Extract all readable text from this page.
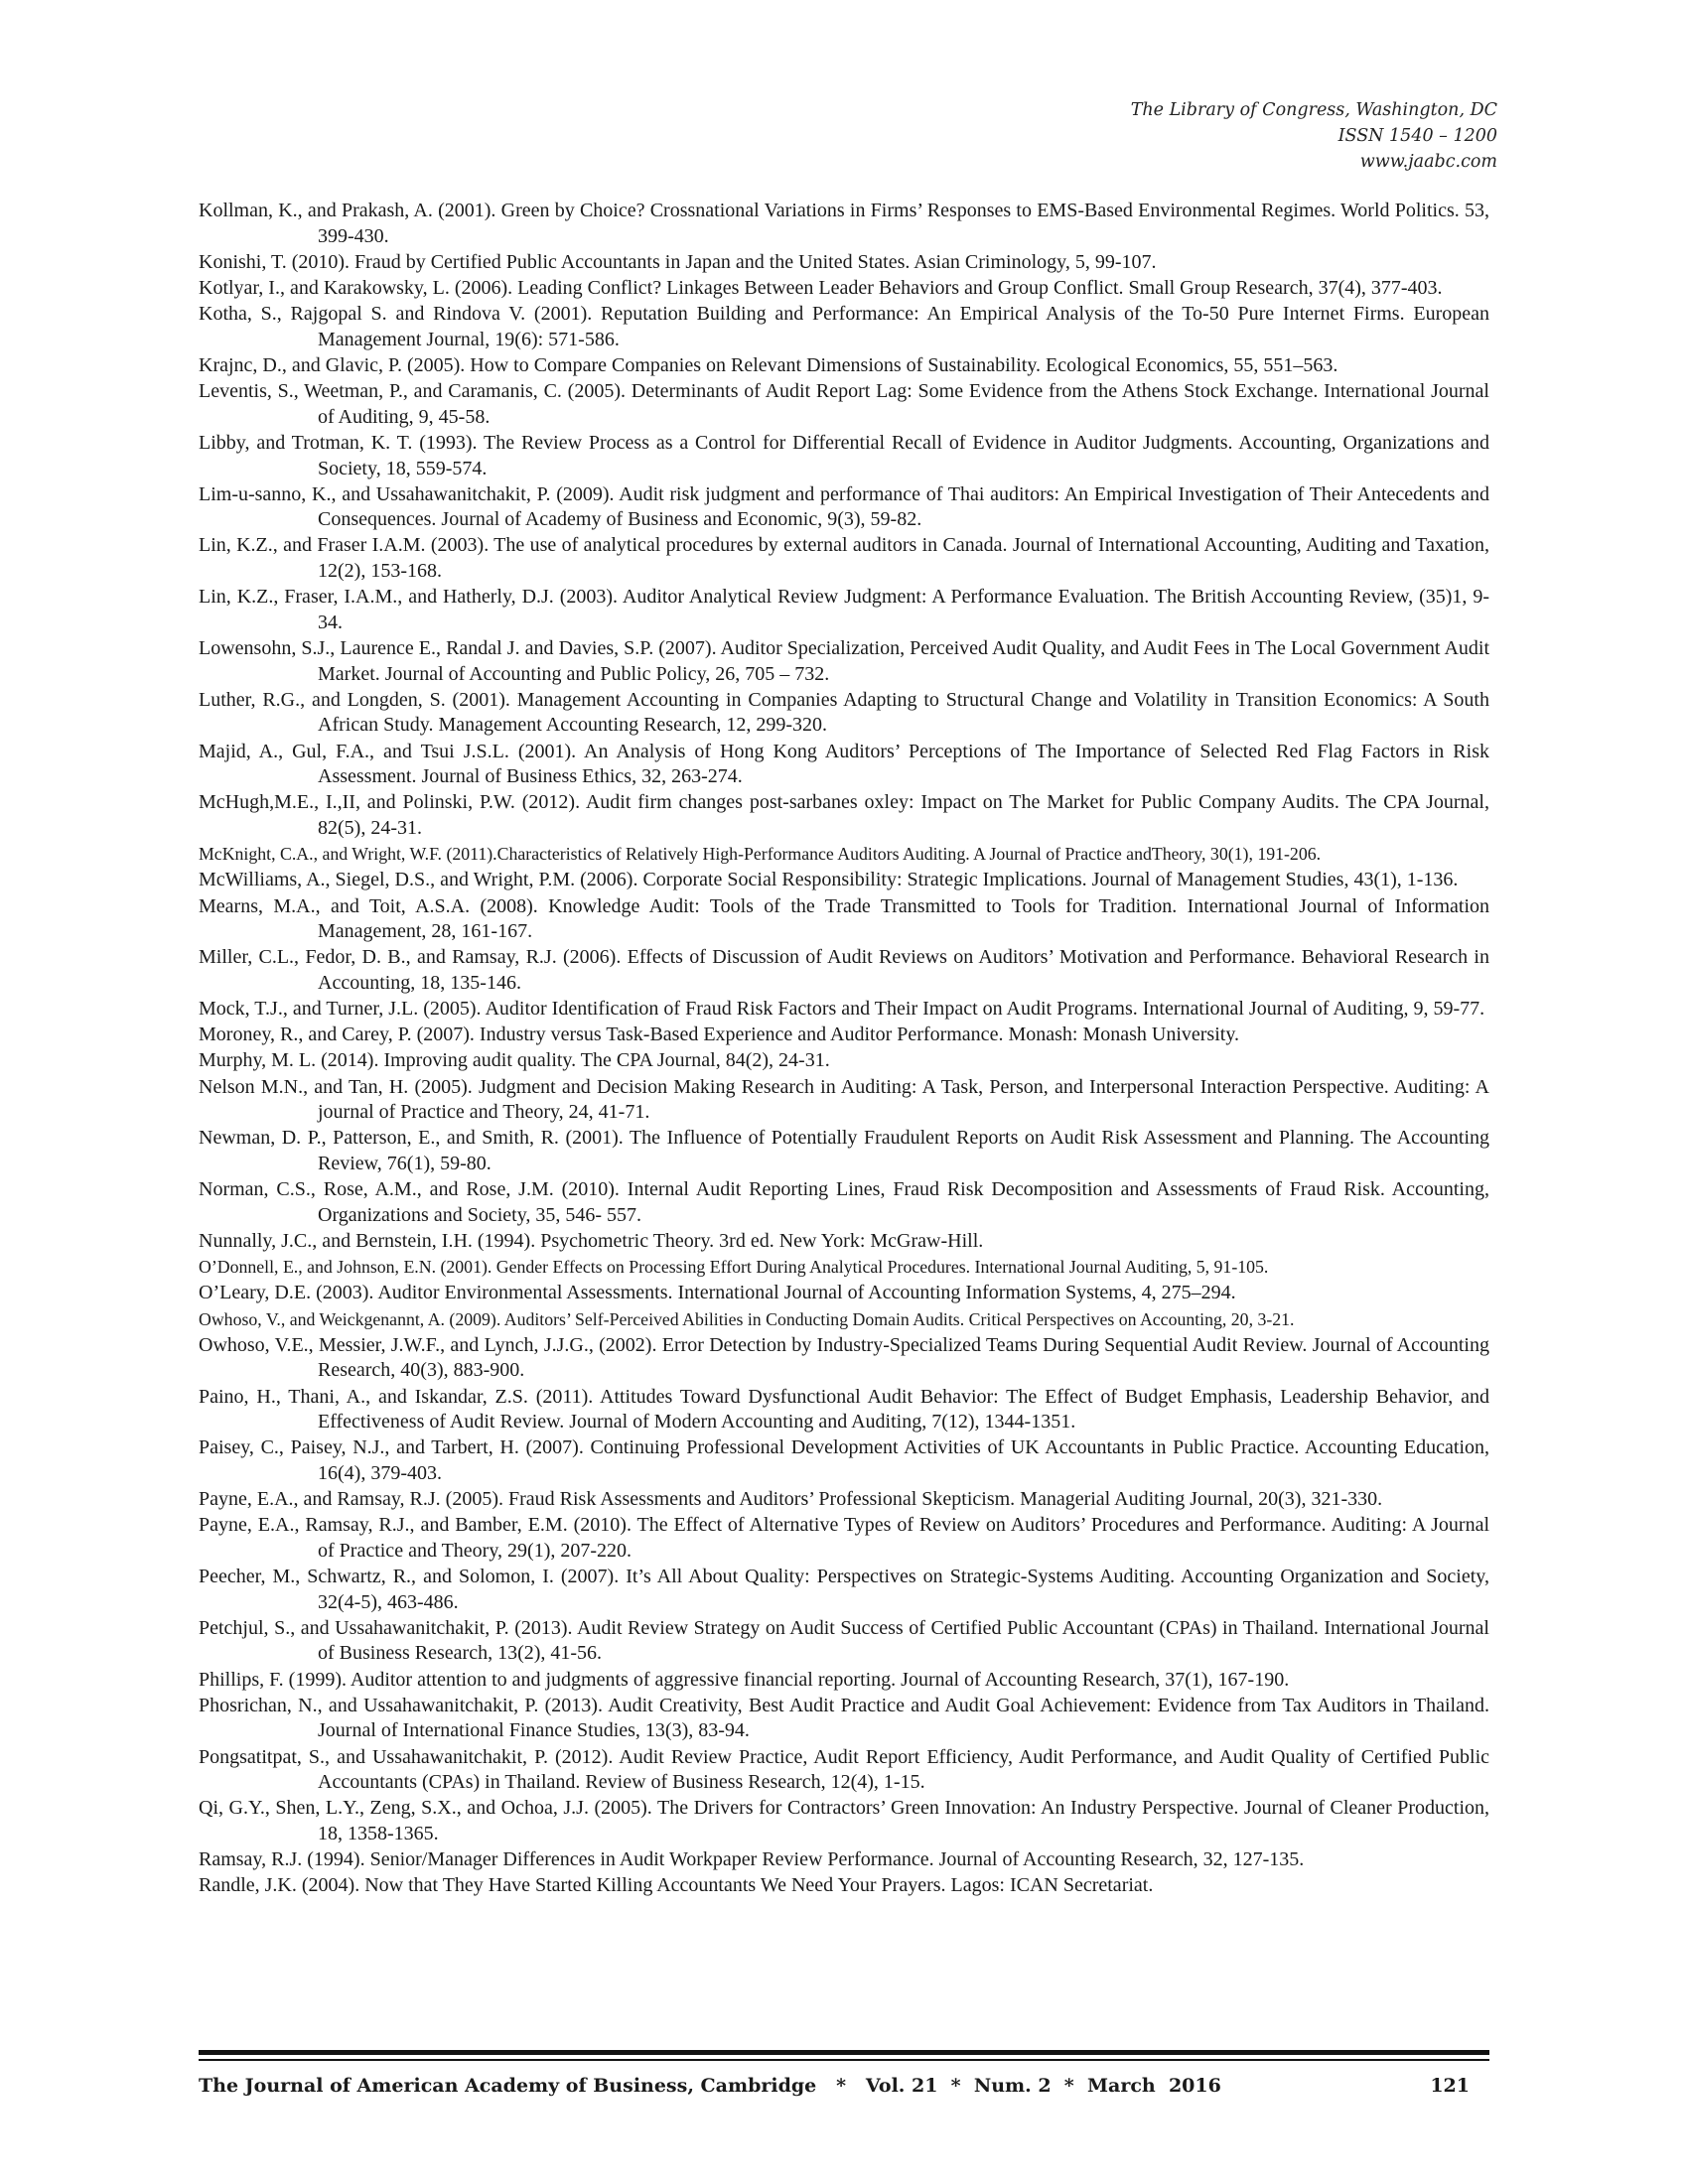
The Library of Congress, Washington, DC
ISSN 1540 – 1200
www.jaabc.com
Kollman, K., and Prakash, A. (2001). Green by Choice? Crossnational Variations in Firms’ Responses to EMS-Based Environmental Regimes. World Politics. 53, 399-430.
Konishi, T. (2010). Fraud by Certified Public Accountants in Japan and the United States. Asian Criminology, 5, 99-107.
Kotlyar, I., and Karakowsky, L. (2006). Leading Conflict? Linkages Between Leader Behaviors and Group Conflict. Small Group Research, 37(4), 377-403.
Kotha, S., Rajgopal S. and Rindova V. (2001). Reputation Building and Performance: An Empirical Analysis of the To-50 Pure Internet Firms. European Management Journal, 19(6): 571-586.
Krajnc, D., and Glavic, P. (2005). How to Compare Companies on Relevant Dimensions of Sustainability. Ecological Economics, 55, 551–563.
Leventis, S., Weetman, P., and Caramanis, C. (2005). Determinants of Audit Report Lag: Some Evidence from the Athens Stock Exchange. International Journal of Auditing, 9, 45-58.
Libby, and Trotman, K. T. (1993). The Review Process as a Control for Differential Recall of Evidence in Auditor Judgments. Accounting, Organizations and Society, 18, 559-574.
Lim-u-sanno, K., and Ussahawanitchakit, P. (2009). Audit risk judgment and performance of Thai auditors: An Empirical Investigation of Their Antecedents and Consequences. Journal of Academy of Business and Economic, 9(3), 59-82.
Lin, K.Z., and Fraser I.A.M. (2003). The use of analytical procedures by external auditors in Canada. Journal of International Accounting, Auditing and Taxation, 12(2), 153-168.
Lin, K.Z., Fraser, I.A.M., and Hatherly, D.J. (2003). Auditor Analytical Review Judgment: A Performance Evaluation. The British Accounting Review, (35)1, 9-34.
Lowensohn, S.J., Laurence E., Randal J. and Davies, S.P. (2007). Auditor Specialization, Perceived Audit Quality, and Audit Fees in The Local Government Audit Market. Journal of Accounting and Public Policy, 26, 705 – 732.
Luther, R.G., and Longden, S. (2001). Management Accounting in Companies Adapting to Structural Change and Volatility in Transition Economics: A South African Study. Management Accounting Research, 12, 299-320.
Majid, A., Gul, F.A., and Tsui J.S.L. (2001). An Analysis of Hong Kong Auditors’ Perceptions of The Importance of Selected Red Flag Factors in Risk Assessment. Journal of Business Ethics, 32, 263-274.
McHugh,M.E., I.,II, and Polinski, P.W. (2012). Audit firm changes post-sarbanes oxley: Impact on The Market for Public Company Audits. The CPA Journal, 82(5), 24-31.
McKnight, C.A., and Wright, W.F. (2011).Characteristics of Relatively High-Performance Auditors Auditing. A Journal of Practice andTheory, 30(1), 191-206.
McWilliams, A., Siegel, D.S., and Wright, P.M. (2006). Corporate Social Responsibility: Strategic Implications. Journal of Management Studies, 43(1), 1-136.
Mearns, M.A., and Toit, A.S.A. (2008). Knowledge Audit: Tools of the Trade Transmitted to Tools for Tradition. International Journal of Information Management, 28, 161-167.
Miller, C.L., Fedor, D. B., and Ramsay, R.J. (2006). Effects of Discussion of Audit Reviews on Auditors’ Motivation and Performance. Behavioral Research in Accounting, 18, 135-146.
Mock, T.J., and Turner, J.L. (2005). Auditor Identification of Fraud Risk Factors and Their Impact on Audit Programs. International Journal of Auditing, 9, 59-77.
Moroney, R., and Carey, P. (2007). Industry versus Task-Based Experience and Auditor Performance. Monash: Monash University.
Murphy, M. L. (2014). Improving audit quality. The CPA Journal, 84(2), 24-31.
Nelson M.N., and Tan, H. (2005). Judgment and Decision Making Research in Auditing: A Task, Person, and Interpersonal Interaction Perspective. Auditing: A journal of Practice and Theory, 24, 41-71.
Newman, D. P., Patterson, E., and Smith, R. (2001). The Influence of Potentially Fraudulent Reports on Audit Risk Assessment and Planning. The Accounting Review, 76(1), 59-80.
Norman, C.S., Rose, A.M., and Rose, J.M. (2010). Internal Audit Reporting Lines, Fraud Risk Decomposition and Assessments of Fraud Risk. Accounting, Organizations and Society, 35, 546- 557.
Nunnally, J.C., and Bernstein, I.H. (1994). Psychometric Theory. 3rd ed. New York: McGraw-Hill.
O’Donnell, E., and Johnson, E.N. (2001). Gender Effects on Processing Effort During Analytical Procedures. International Journal Auditing, 5, 91-105.
O’Leary, D.E. (2003). Auditor Environmental Assessments. International Journal of Accounting Information Systems, 4, 275–294.
Owhoso, V., and Weickgenannt, A. (2009). Auditors’ Self-Perceived Abilities in Conducting Domain Audits. Critical Perspectives on Accounting, 20, 3-21.
Owhoso, V.E., Messier, J.W.F., and Lynch, J.J.G., (2002). Error Detection by Industry-Specialized Teams During Sequential Audit Review. Journal of Accounting Research, 40(3), 883-900.
Paino, H., Thani, A., and Iskandar, Z.S. (2011). Attitudes Toward Dysfunctional Audit Behavior: The Effect of Budget Emphasis, Leadership Behavior, and Effectiveness of Audit Review. Journal of Modern Accounting and Auditing, 7(12), 1344-1351.
Paisey, C., Paisey, N.J., and Tarbert, H. (2007). Continuing Professional Development Activities of UK Accountants in Public Practice. Accounting Education, 16(4), 379-403.
Payne, E.A., and Ramsay, R.J. (2005). Fraud Risk Assessments and Auditors’ Professional Skepticism. Managerial Auditing Journal, 20(3), 321-330.
Payne, E.A., Ramsay, R.J., and Bamber, E.M. (2010). The Effect of Alternative Types of Review on Auditors’ Procedures and Performance. Auditing: A Journal of Practice and Theory, 29(1), 207-220.
Peecher, M., Schwartz, R., and Solomon, I. (2007). It’s All About Quality: Perspectives on Strategic-Systems Auditing. Accounting Organization and Society, 32(4-5), 463-486.
Petchjul, S., and Ussahawanitchakit, P. (2013). Audit Review Strategy on Audit Success of Certified Public Accountant (CPAs) in Thailand. International Journal of Business Research, 13(2), 41-56.
Phillips, F. (1999). Auditor attention to and judgments of aggressive financial reporting. Journal of Accounting Research, 37(1), 167-190.
Phosrichan, N., and Ussahawanitchakit, P. (2013). Audit Creativity, Best Audit Practice and Audit Goal Achievement: Evidence from Tax Auditors in Thailand. Journal of International Finance Studies, 13(3), 83-94.
Pongsatitpat, S., and Ussahawanitchakit, P. (2012). Audit Review Practice, Audit Report Efficiency, Audit Performance, and Audit Quality of Certified Public Accountants (CPAs) in Thailand. Review of Business Research, 12(4), 1-15.
Qi, G.Y., Shen, L.Y., Zeng, S.X., and Ochoa, J.J. (2005). The Drivers for Contractors’ Green Innovation: An Industry Perspective. Journal of Cleaner Production, 18, 1358-1365.
Ramsay, R.J. (1994). Senior/Manager Differences in Audit Workpaper Review Performance. Journal of Accounting Research, 32, 127-135.
Randle, J.K. (2004). Now that They Have Started Killing Accountants We Need Your Prayers. Lagos: ICAN Secretariat.
The Journal of American Academy of Business, Cambridge   *   Vol. 21  *  Num. 2  *  March  2016	121
